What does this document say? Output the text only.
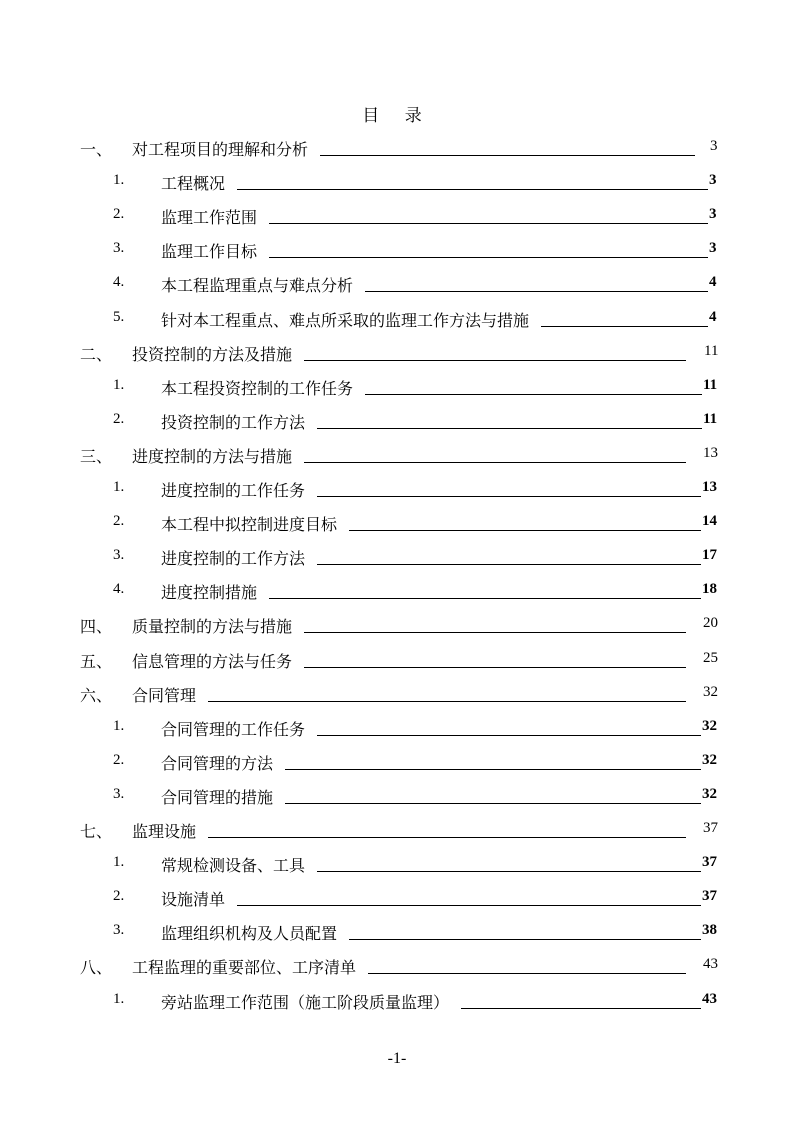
目 录
一、 对工程项目的理解和分析	3
1. 工程概况	3
2. 监理工作范围	3
3. 监理工作目标	3
4. 本工程监理重点与难点分析	4
5. 针对本工程重点、难点所采取的监理工作方法与措施	4
二、 投资控制的方法及措施	11
1. 本工程投资控制的工作任务	11
2. 投资控制的工作方法	11
三、 进度控制的方法与措施	13
1. 进度控制的工作任务	13
2. 本工程中拟控制进度目标	14
3. 进度控制的工作方法	17
4. 进度控制措施	18
四、 质量控制的方法与措施	20
五、 信息管理的方法与任务	25
六、 合同管理	32
1. 合同管理的工作任务	32
2. 合同管理的方法	32
3. 合同管理的措施	32
七、 监理设施	37
1. 常规检测设备、工具	37
2. 设施清单	37
3. 监理组织机构及人员配置	38
八、 工程监理的重要部位、工序清单	43
1. 旁站监理工作范围（施工阶段质量监理）	43
-1-
